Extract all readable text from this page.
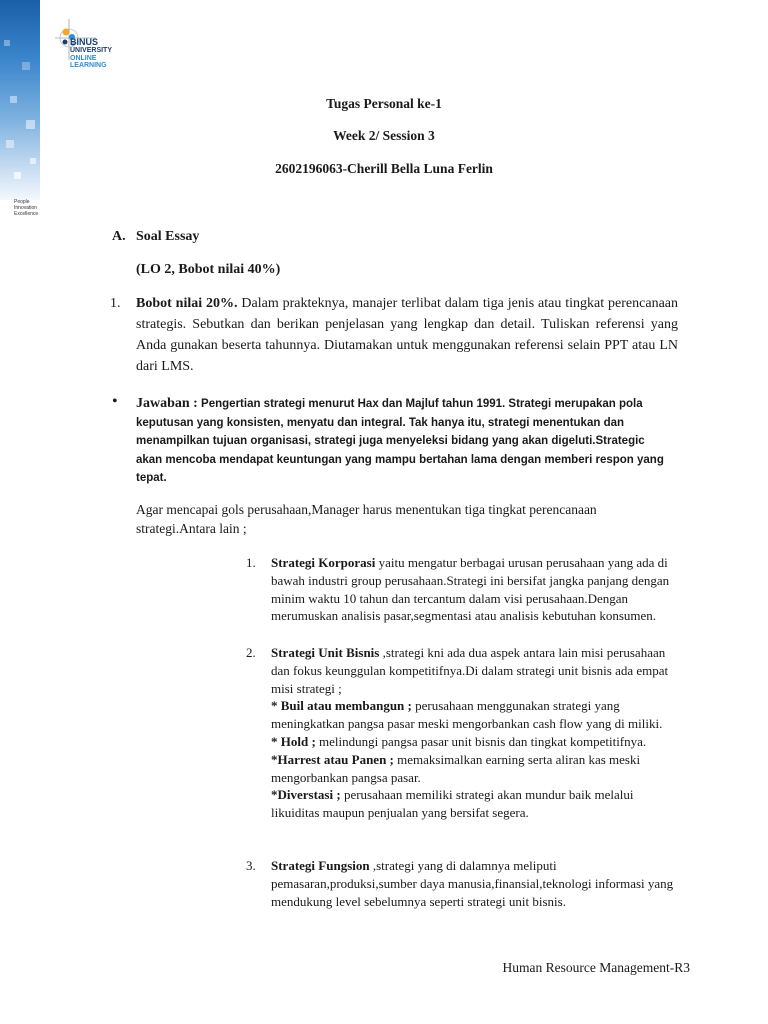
People
Innovation
Excellence
BINUS
UNIVERSITY
ONLINE
LEARNING
Tugas Personal ke-1
Week 2/ Session 3
2602196063-Cherill Bella Luna Ferlin
A. Soal Essay
(LO 2, Bobot nilai 40%)
1. Bobot nilai 20%. Dalam prakteknya, manajer terlibat dalam tiga jenis atau tingkat perencanaan strategis. Sebutkan dan berikan penjelasan yang lengkap dan detail. Tuliskan referensi yang Anda gunakan beserta tahunnya. Diutamakan untuk menggunakan referensi selain PPT atau LN dari LMS.
• Jawaban : Pengertian strategi menurut Hax dan Majluf tahun 1991. Strategi merupakan pola keputusan yang konsisten, menyatu dan integral. Tak hanya itu, strategi menentukan dan menampilkan tujuan organisasi, strategi juga menyeleksi bidang yang akan digeluti.Strategic akan mencoba mendapat keuntungan yang mampu bertahan lama dengan memberi respon yang tepat.
Agar mencapai gols perusahaan,Manager harus menentukan tiga tingkat perencanaan strategi.Antara lain ;
1. Strategi Korporasi yaitu mengatur berbagai urusan perusahaan yang ada di bawah industri group perusahaan.Strategi ini bersifat jangka panjang dengan minim waktu 10 tahun dan tercantum dalam visi perusahaan.Dengan merumuskan analisis pasar,segmentasi atau analisis kebutuhan konsumen.
2. Strategi Unit Bisnis ,strategi kni ada dua aspek antara lain misi perusahaan dan fokus keunggulan kompetitifnya.Di dalam strategi unit bisnis ada empat misi strategi ;
* Buil atau membangun ; perusahaan menggunakan strategi yang meningkatkan pangsa pasar meski mengorbankan cash flow yang di miliki.
* Hold ; melindungi pangsa pasar unit bisnis dan tingkat kompetitifnya.
*Harrest atau Panen ; memaksimalkan earning serta aliran kas meski mengorbankan pangsa pasar.
*Diverstasi ; perusahaan memiliki strategi akan mundur baik melalui likuiditas maupun penjualan yang bersifat segera.
3. Strategi Fungsion ,strategi yang di dalamnya meliputi pemasaran,produksi,sumber daya manusia,finansial,teknologi informasi yang mendukung level sebelumnya seperti strategi unit bisnis.
Human Resource Management-R3
